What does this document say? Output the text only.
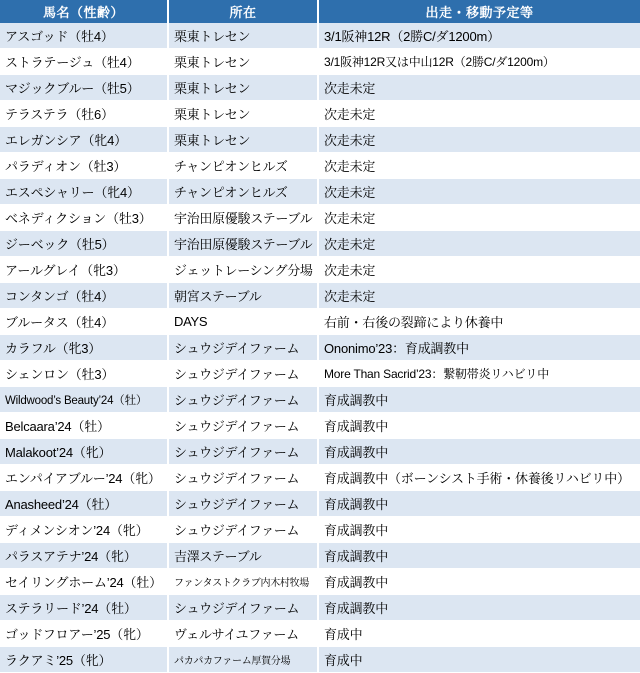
馬名（性齢）	所在	出走・移動予定等
アスゴッド（牡4）	栗東トレセン	3/1阪神12R（2勝C/ダ1200m）
ストラテージュ（牡4）	栗東トレセン	3/1阪神12R又は中山12R（2勝C/ダ1200m）
マジックブルー（牡5）	栗東トレセン	次走未定
テラステラ（牡6）	栗東トレセン	次走未定
エレガンシア（牝4）	栗東トレセン	次走未定
パラディオン（牡3）	チャンピオンヒルズ	次走未定
エスペシャリー（牝4）	チャンピオンヒルズ	次走未定
ベネディクション（牡3）	宇治田原優駿ステーブル	次走未定
ジーベック（牡5）	宇治田原優駿ステーブル	次走未定
アールグレイ（牝3）	ジェットレーシング分場	次走未定
コンタンゴ（牡4）	朝宮ステーブル	次走未定
ブルータス（牡4）	DAYS	右前・右後の裂蹄により休養中
カラフル（牝3）	シュウジデイファーム	Ononimo’23：育成調教中
シェンロン（牡3）	シュウジデイファーム	More Than Sacrid’23：繋靭帯炎リハビリ中
Wildwood’s Beauty’24（牡）	シュウジデイファーム	育成調教中
Belcaara’24（牡）	シュウジデイファーム	育成調教中
Malakoot’24（牝）	シュウジデイファーム	育成調教中
エンパイアブルー’24（牝）	シュウジデイファーム	育成調教中（ボーンシスト手術・休養後リハビリ中）
Anasheed’24（牡）	シュウジデイファーム	育成調教中
ディメンシオン’24（牝）	シュウジデイファーム	育成調教中
パラスアテナ’24（牝）	吉澤ステーブル	育成調教中
セイリングホーム’24（牡）	ファンタストクラブ内木村牧場	育成調教中
ステラリード’24（牡）	シュウジデイファーム	育成調教中
ゴッドフロアー’25（牝）	ヴェルサイユファーム	育成中
ラクアミ’25（牝）	パカパカファーム厚賀分場	育成中
